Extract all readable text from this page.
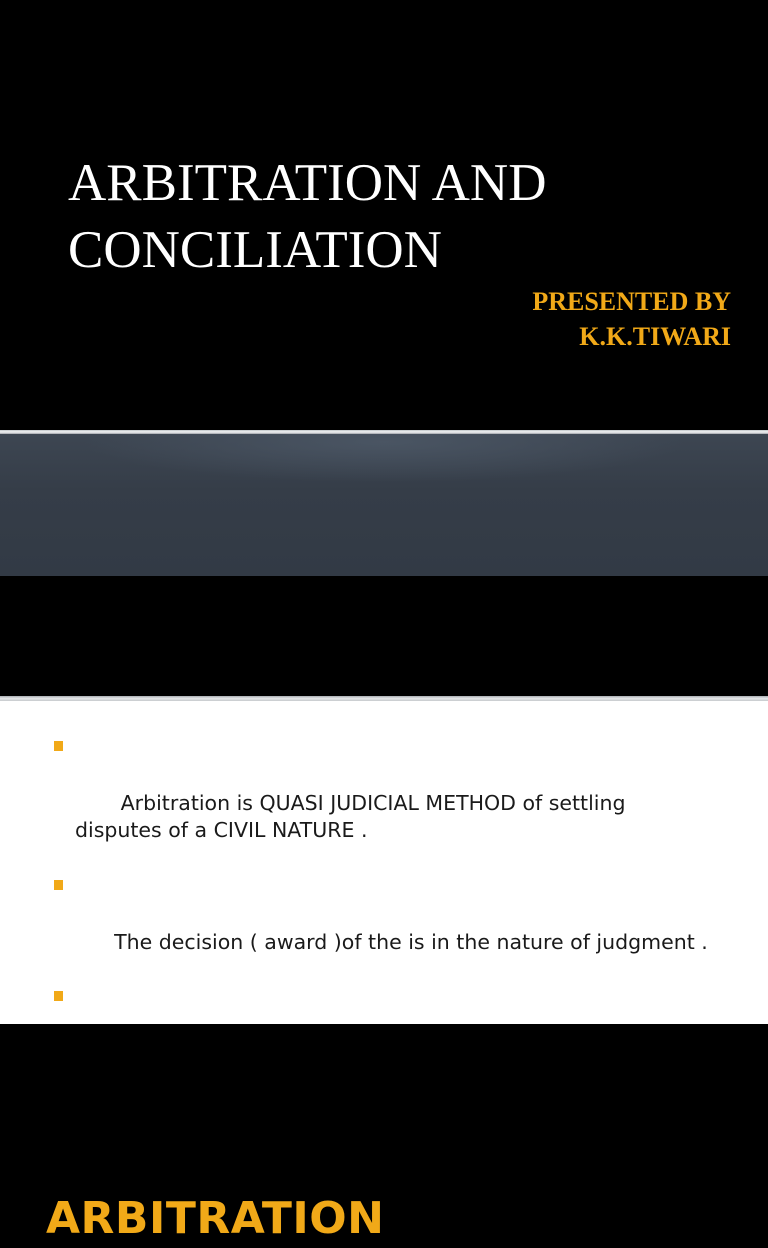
ARBITRATION AND
CONCILIATION
PRESENTED BY
K.K.TIWARI
ARBITRATION

Arbitration is QUASI JUDICIAL METHOD of settling disputes of a CIVIL NATURE .

The decision ( award )of the is in the nature of judgment .
